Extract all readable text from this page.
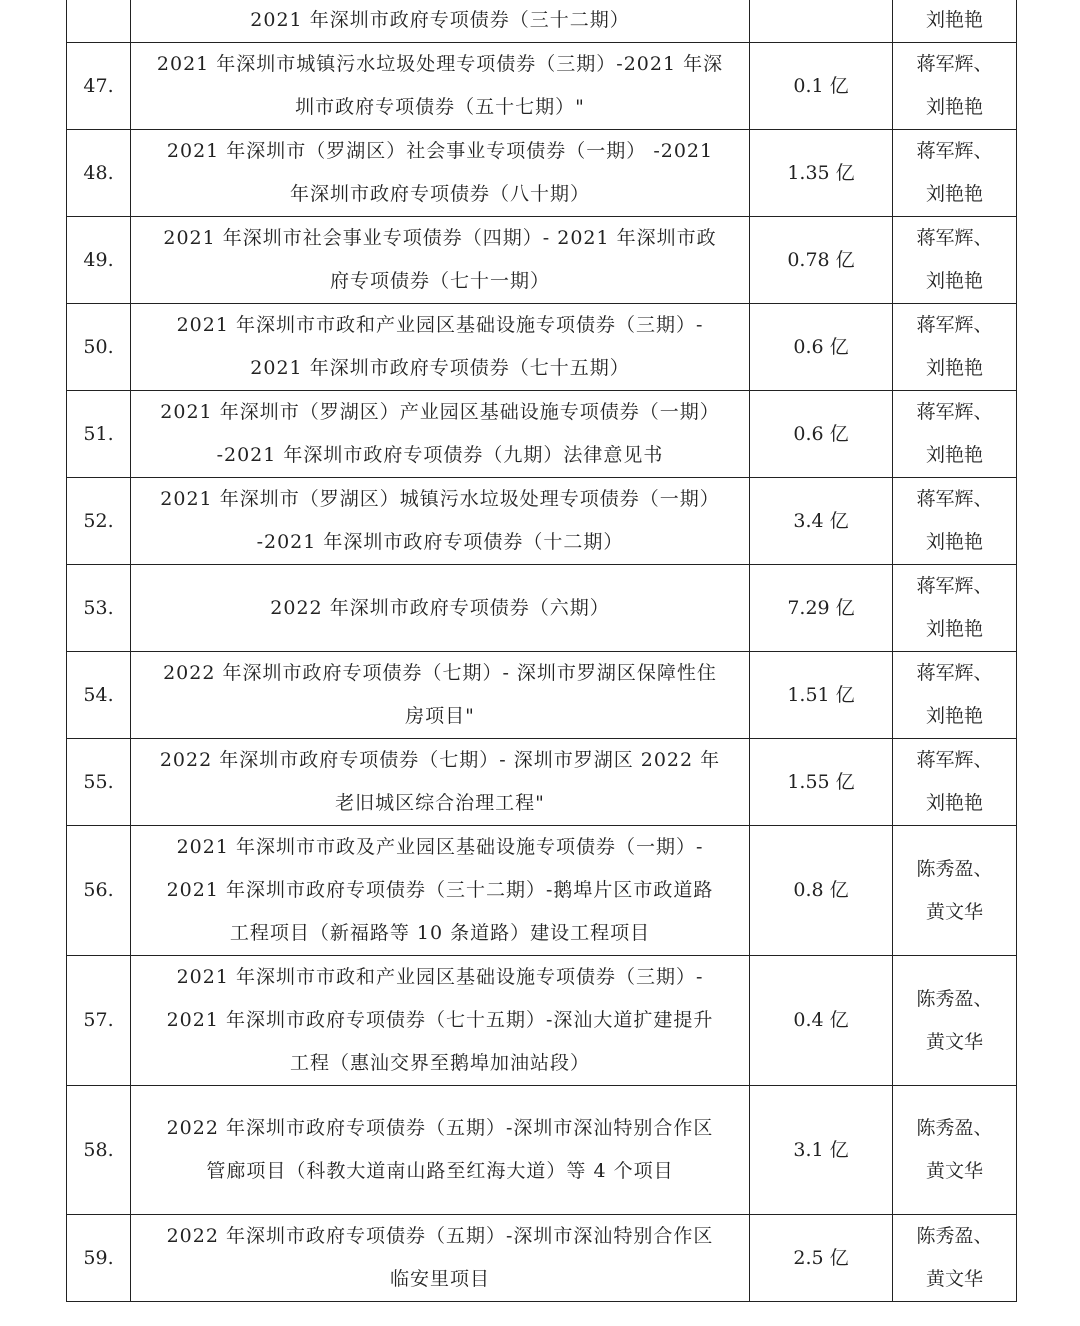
	2021 年深圳市政府专项债券（三十二期）		刘艳艳

47.	2021 年深圳市城镇污水垃圾处理专项债券（三期）-2021 年深
圳市政府专项债券（五十七期）"	0.1 亿	蒋军辉、
刘艳艳

48.	2021 年深圳市（罗湖区）社会事业专项债券（一期） -2021
年深圳市政府专项债券（八十期）	1.35 亿	蒋军辉、
刘艳艳

49.	2021 年深圳市社会事业专项债券（四期）- 2021 年深圳市政
府专项债券（七十一期）	0.78 亿	蒋军辉、
刘艳艳

50.	2021 年深圳市市政和产业园区基础设施专项债券（三期）-
2021 年深圳市政府专项债券（七十五期）	0.6 亿	蒋军辉、
刘艳艳

51.	2021 年深圳市（罗湖区）产业园区基础设施专项债券（一期）
-2021 年深圳市政府专项债券（九期）法律意见书	0.6 亿	蒋军辉、
刘艳艳

52.	2021 年深圳市（罗湖区）城镇污水垃圾处理专项债券（一期）
-2021 年深圳市政府专项债券（十二期）	3.4 亿	蒋军辉、
刘艳艳

53.	2022 年深圳市政府专项债券（六期）	7.29 亿	蒋军辉、
刘艳艳

54.	2022 年深圳市政府专项债券（七期）- 深圳市罗湖区保障性住
房项目"	1.51 亿	蒋军辉、
刘艳艳

55.	2022 年深圳市政府专项债券（七期）- 深圳市罗湖区 2022 年
老旧城区综合治理工程"	1.55 亿	蒋军辉、
刘艳艳

56.	2021 年深圳市市政及产业园区基础设施专项债券（一期）-
2021 年深圳市政府专项债券（三十二期）-鹅埠片区市政道路
工程项目（新福路等 10 条道路）建设工程项目	0.8 亿	陈秀盈、
黄文华

57.	2021 年深圳市市政和产业园区基础设施专项债券（三期）-
2021 年深圳市政府专项债券（七十五期）-深汕大道扩建提升
工程（惠汕交界至鹅埠加油站段）	0.4 亿	陈秀盈、
黄文华

58.	2022 年深圳市政府专项债券（五期）-深圳市深汕特别合作区
管廊项目（科教大道南山路至红海大道）等 4 个项目	3.1 亿	陈秀盈、
黄文华

59.	2022 年深圳市政府专项债券（五期）-深圳市深汕特别合作区
临安里项目	2.5 亿	陈秀盈、
黄文华
